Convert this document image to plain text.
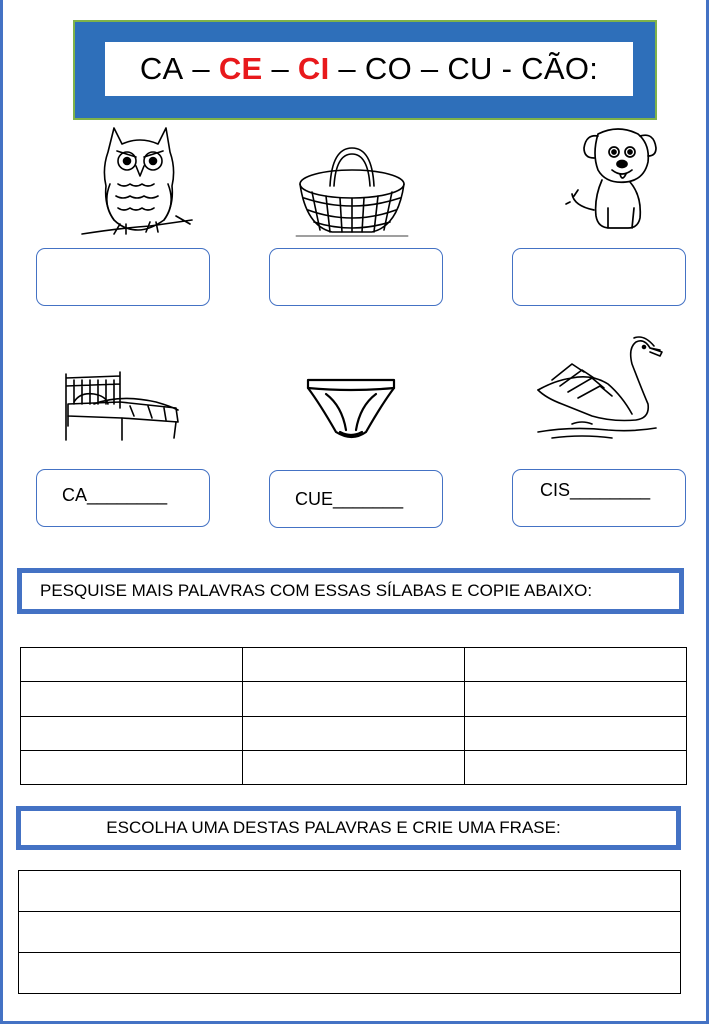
CA – CE – CI – CO – CU - CÃO:
CA________	CUE_______	CIS________
PESQUISE MAIS PALAVRAS COM ESSAS SÍLABAS E COPIE ABAIXO:

ESCOLHA UMA DESTAS PALAVRAS E CRIE UMA FRASE:
